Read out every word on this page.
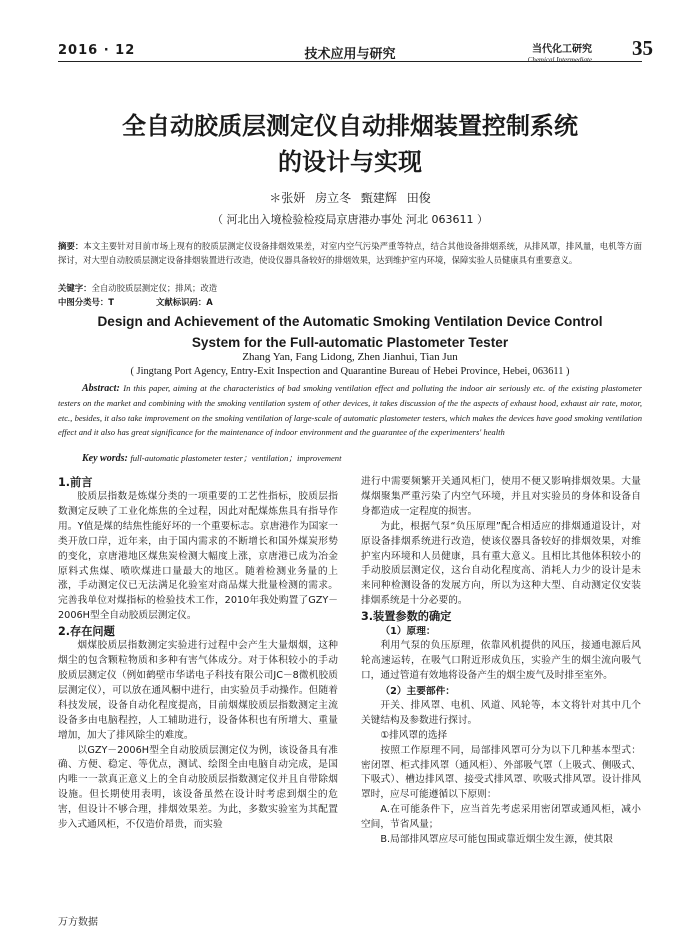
2016 · 12	技术应用与研究	当代化工研究
Chemical Intermediate 35
全自动胶质层测定仪自动排烟装置控制系统
的设计与实现
＊张妍 房立冬 甄建辉 田俊
（ 河北出入境检验检疫局京唐港办事处 河北 063611 ）
摘要：本文主要针对目前市场上现有的胶质层测定仪设备排烟效果差，对室内空气污染严重等特点，结合其他设备排烟系统，从排风罩，排风量，电机等方面探讨，对大型自动胶质层测定设备排烟装置进行改造，使设仪器具备较好的排烟效果，达到维护室内环境，保障实验人员健康具有重要意义。
关键字：全自动胶质层测定仪；排风；改造
中图分类号：T	文献标识码：A
Design and Achievement of the Automatic Smoking Ventilation Device Control
System for the Full-automatic Plastometer Tester
Zhang Yan, Fang Lidong, Zhen Jianhui, Tian Jun
( Jingtang Port Agency, Entry-Exit Inspection and Quarantine Bureau of Hebei Province, Hebei, 063611 )
Abstract: In this paper, aiming at the characteristics of bad smoking ventilation effect and polluting the indoor air seriously etc. of the existing plastometer testers on the market and combining with the smoking ventilation system of other devices, it takes discussion of the the aspects of exhaust hood, exhaust air rate, motor, etc., besides, it also take improvement on the smoking ventilation of large-scale of automatic plastometer testers, which makes the devices have good smoking ventilation effect and it also has great significance for the maintenance of indoor environment and the guarantee of the experimenters' health
Key words: full-automatic plastometer tester；ventilation；improvement
1.前言

胶质层指数是炼煤分类的一项重要的工艺性指标，胶质层指数测定反映了工业化炼焦的全过程，因此对配煤炼焦具有指导作用。Y值是煤的结焦性能好坏的一个重要标志。京唐港作为国家一类开放口岸，近年来，由于国内需求的不断增长和国外煤炭形势的变化，京唐港地区煤焦炭检测大幅度上涨，京唐港已成为冶金原料式焦煤、喷吹煤进口量最大的地区。随着检测业务量的上涨，手动测定仪已无法满足化验室对商品煤大批量检测的需求。完善我单位对煤指标的检验技术工作，2010年我处购置了GZY－2006H型全自动胶质层测定仪。

2.存在问题

烟煤胶质层指数测定实验进行过程中会产生大量烟烟，这种烟尘的包含颗粒物质和多种有害气体成分。对于体积较小的手动胶质层测定仪（例如鹤壁市华诺电子科技有限公司JC－8微机胶质层测定仪），可以放在通风橱中进行，由实验员手动操作。但随着科技发展，设备自动化程度提高，目前烟煤胶质层指数测定主流设备多由电脑程控，人工辅助进行，设备体积也有所增大、重量增加，加大了排风除尘的难度。

以GZY－2006H型全自动胶质层测定仪为例，该设备具有准确、方便、稳定、等优点，测试、绘图全由电脑自动完成，是国内唯一一款真正意义上的全自动胶质层指数测定仪并且自带除烟设施。但长期使用表明，该设备虽然在设计时考虑到烟尘的危害，但设计不够合理，排烟效果差。为此，多数实验室为其配置步入式通风柜，不仅造价昂贵，而实验

进行中需要频繁开关通风柜门，使用不便又影响排烟效果。大量煤烟聚集严重污染了内空气环境，并且对实验员的身体和设备自身都造成一定程度的损害。

为此，根据气泵“负压原理”配合相适应的排烟通道设计，对原设备排烟系统进行改造，使该仪器具备较好的排烟效果，对维护室内环境和人员健康，具有重大意义。且相比其他体积较小的手动胶质层测定仪，这台自动化程度高、消耗人力少的设计是未来同种检测设备的发展方向，所以为这种大型、自动测定仪安装排烟系统是十分必要的。

3.装置参数的确定
（1）原理：

利用气泵的负压原理，依靠风机提供的风压，接通电源后风轮高速运转，在吸气口附近形成负压，实验产生的烟尘流向吸气口，通过管道有效地将设备产生的烟尘废气及时排至室外。

（2）主要部件：

开关、排风罩、电机、风道、风轮等，本文将针对其中几个关键结构及参数进行探讨。

①排风罩的选择

按照工作原理不同，局部排风罩可分为以下几种基本型式：密闭罩、柜式排风罩（通风柜）、外部吸气罩（上吸式、侧吸式、下吸式）、槽边排风罩、接受式排风罩、吹吸式排风罩。设计排风罩时，应尽可能遵循以下原则：

A.在可能条件下，应当首先考虑采用密闭罩或通风柜，减小空间，节省风量；

B.局部排风罩应尽可能包围或靠近烟尘发生源，使其限

万方数据
